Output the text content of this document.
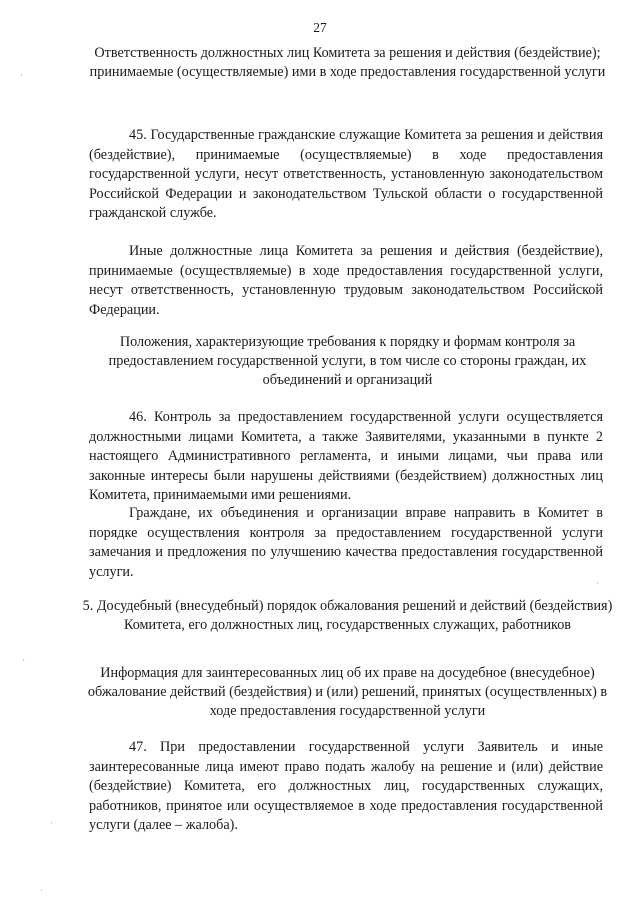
27
Ответственность должностных лиц Комитета за решения и действия (бездействие); принимаемые (осуществляемые) ими в ходе предоставления государственной услуги

45. Государственные гражданские служащие Комитета за решения и действия (бездействие), принимаемые (осуществляемые) в ходе предоставления государственной услуги, несут ответственность, установленную законодательством Российской Федерации и законодательством Тульской области о государственной гражданской службе.

Иные должностные лица Комитета за решения и действия (бездействие), принимаемые (осуществляемые) в ходе предоставления государственной услуги, несут ответственность, установленную трудовым законодательством Российской Федерации.

Положения, характеризующие требования к порядку и формам контроля за предоставлением государственной услуги, в том числе со стороны граждан, их объединений и организаций

46. Контроль за предоставлением государственной услуги осуществляется должностными лицами Комитета, а также Заявителями, указанными в пункте 2 настоящего Административного регламента, и иными лицами, чьи права или законные интересы были нарушены действиями (бездействием) должностных лиц Комитета, принимаемыми ими решениями.

Граждане, их объединения и организации вправе направить в Комитет в порядке осуществления контроля за предоставлением государственной услуги замечания и предложения по улучшению качества предоставления государственной услуги.

5. Досудебный (внесудебный) порядок обжалования решений и действий (бездействия) Комитета, его должностных лиц, государственных служащих, работников
Информация для заинтересованных лиц об их праве на досудебное (внесудебное) обжалование действий (бездействия) и (или) решений, принятых (осуществленных) в ходе предоставления государственной услуги

47. При предоставлении государственной услуги Заявитель и иные заинтересованные лица имеют право подать жалобу на решение и (или) действие (бездействие) Комитета, его должностных лиц, государственных служащих, работников, принятое или осуществляемое в ходе предоставления государственной услуги (далее – жалоба).

·
·
·
·
·
